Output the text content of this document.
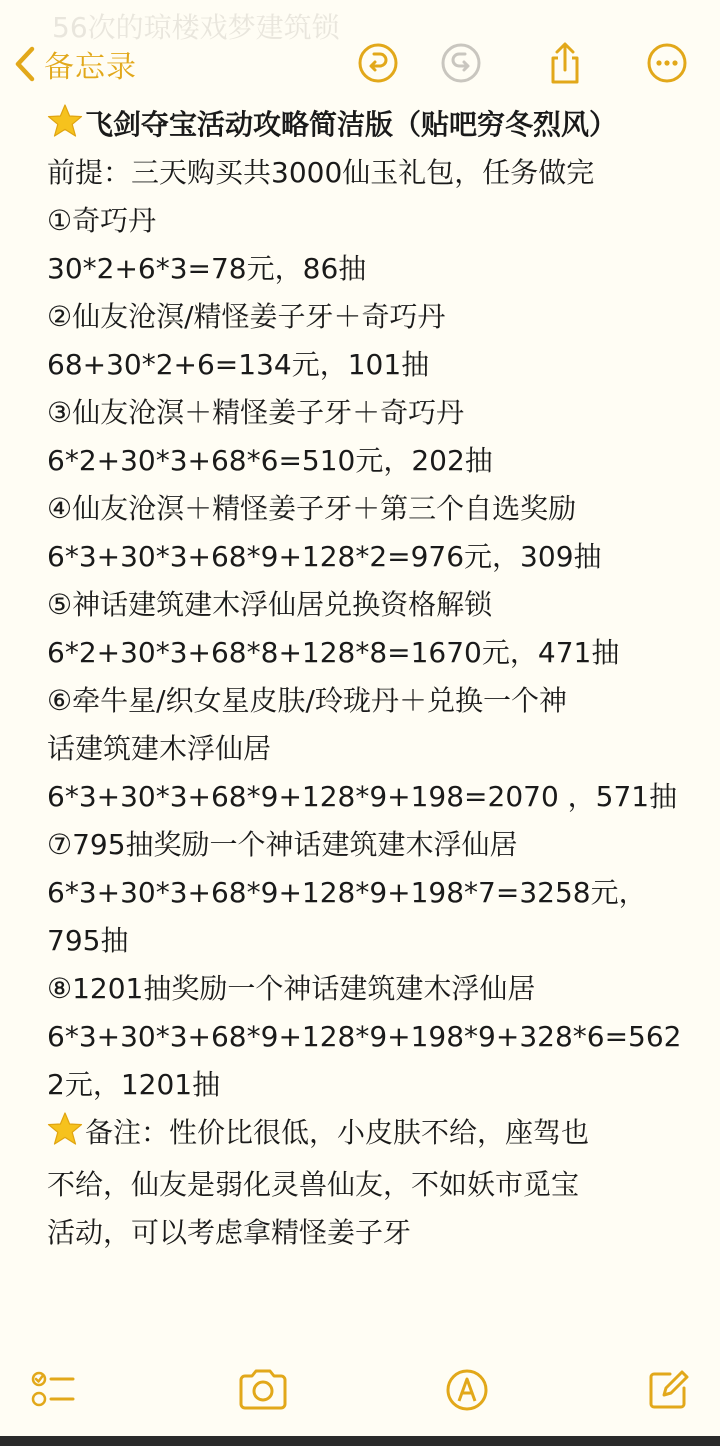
56次的琼楼戏梦建筑锁
备忘录
飞剑夺宝活动攻略简洁版（贴吧穷冬烈风）
前提：三天购买共3000仙玉礼包，任务做完
①奇巧丹
30*2+6*3=78元，86抽
②仙友沧溟/精怪姜子牙＋奇巧丹
68+30*2+6=134元，101抽
③仙友沧溟＋精怪姜子牙＋奇巧丹
6*2+30*3+68*6=510元，202抽
④仙友沧溟＋精怪姜子牙＋第三个自选奖励
6*3+30*3+68*9+128*2=976元，309抽
⑤神话建筑建木浮仙居兑换资格解锁
6*2+30*3+68*8+128*8=1670元，471抽
⑥牵牛星/织女星皮肤/玲珑丹＋兑换一个神
话建筑建木浮仙居
6*3+30*3+68*9+128*9+198=2070 ，571抽
⑦795抽奖励一个神话建筑建木浮仙居
6*3+30*3+68*9+128*9+198*7=3258元，
795抽
⑧1201抽奖励一个神话建筑建木浮仙居
6*3+30*3+68*9+128*9+198*9+328*6=562
2元，1201抽
备注：性价比很低，小皮肤不给，座驾也
不给，仙友是弱化灵兽仙友，不如妖市觅宝
活动，可以考虑拿精怪姜子牙
